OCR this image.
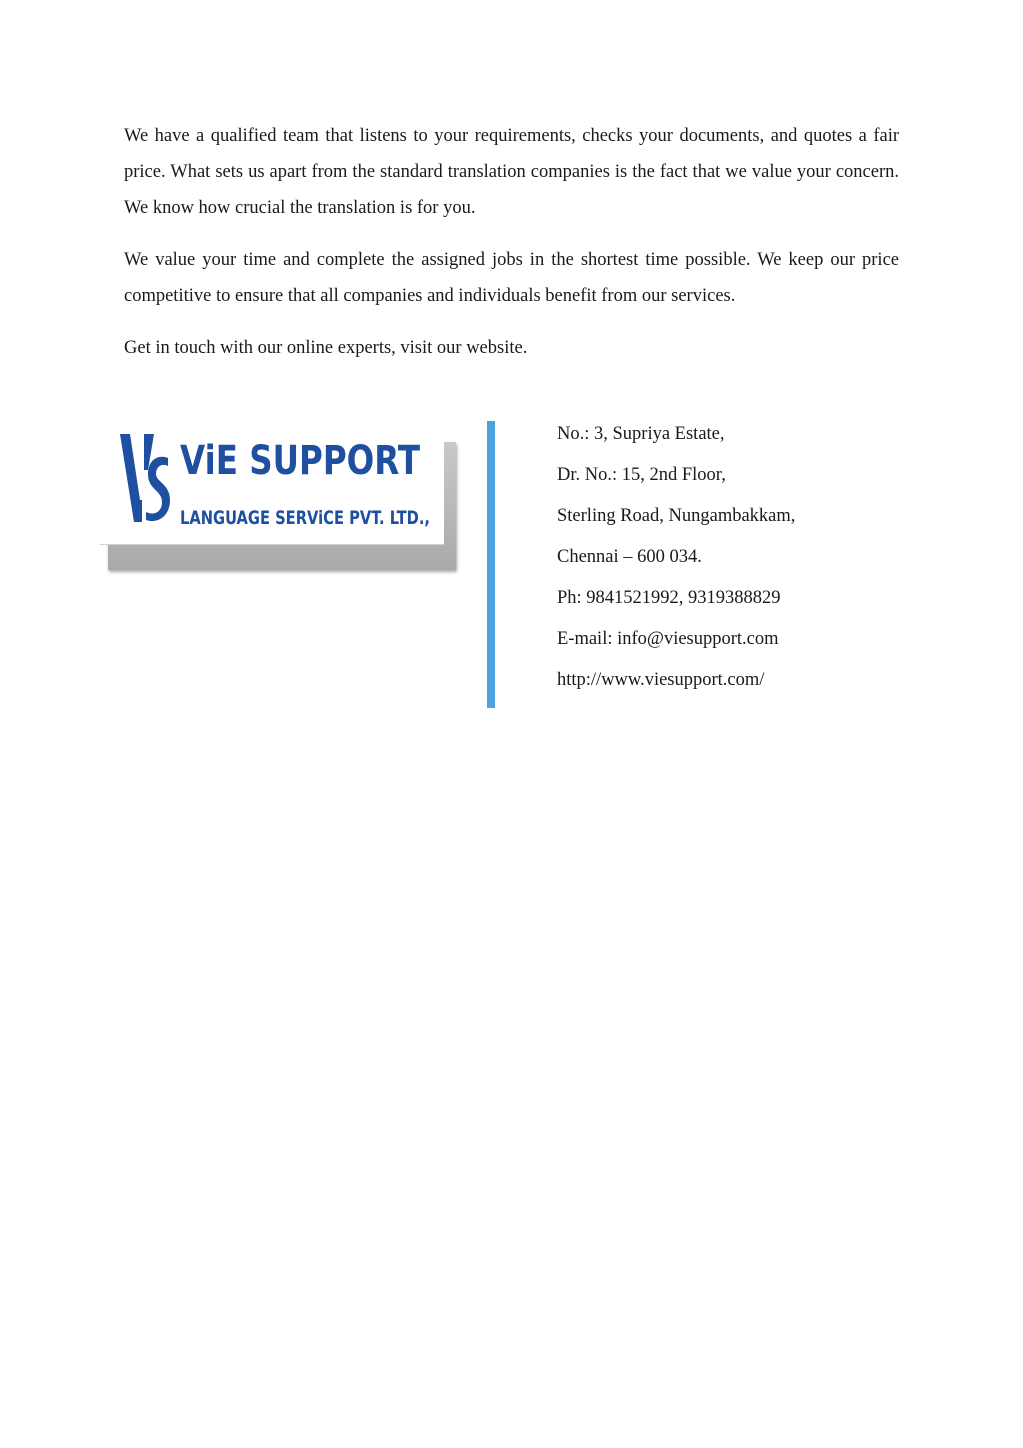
We have a qualified team that listens to your requirements, checks your documents, and quotes a fair price. What sets us apart from the standard translation companies is the fact that we value your concern. We know how crucial the translation is for you.

We value your time and complete the assigned jobs in the shortest time possible. We keep our price competitive to ensure that all companies and individuals benefit from our services.

Get in touch with our online experts, visit our website.

ViE SUPPORT
LANGUAGE SERViCE PVT. LTD.,
No.: 3, Supriya Estate,
Dr. No.: 15, 2nd Floor,
Sterling Road, Nungambakkam,
Chennai – 600 034.
Ph: 9841521992, 9319388829
E-mail: info@viesupport.com
http://www.viesupport.com/
